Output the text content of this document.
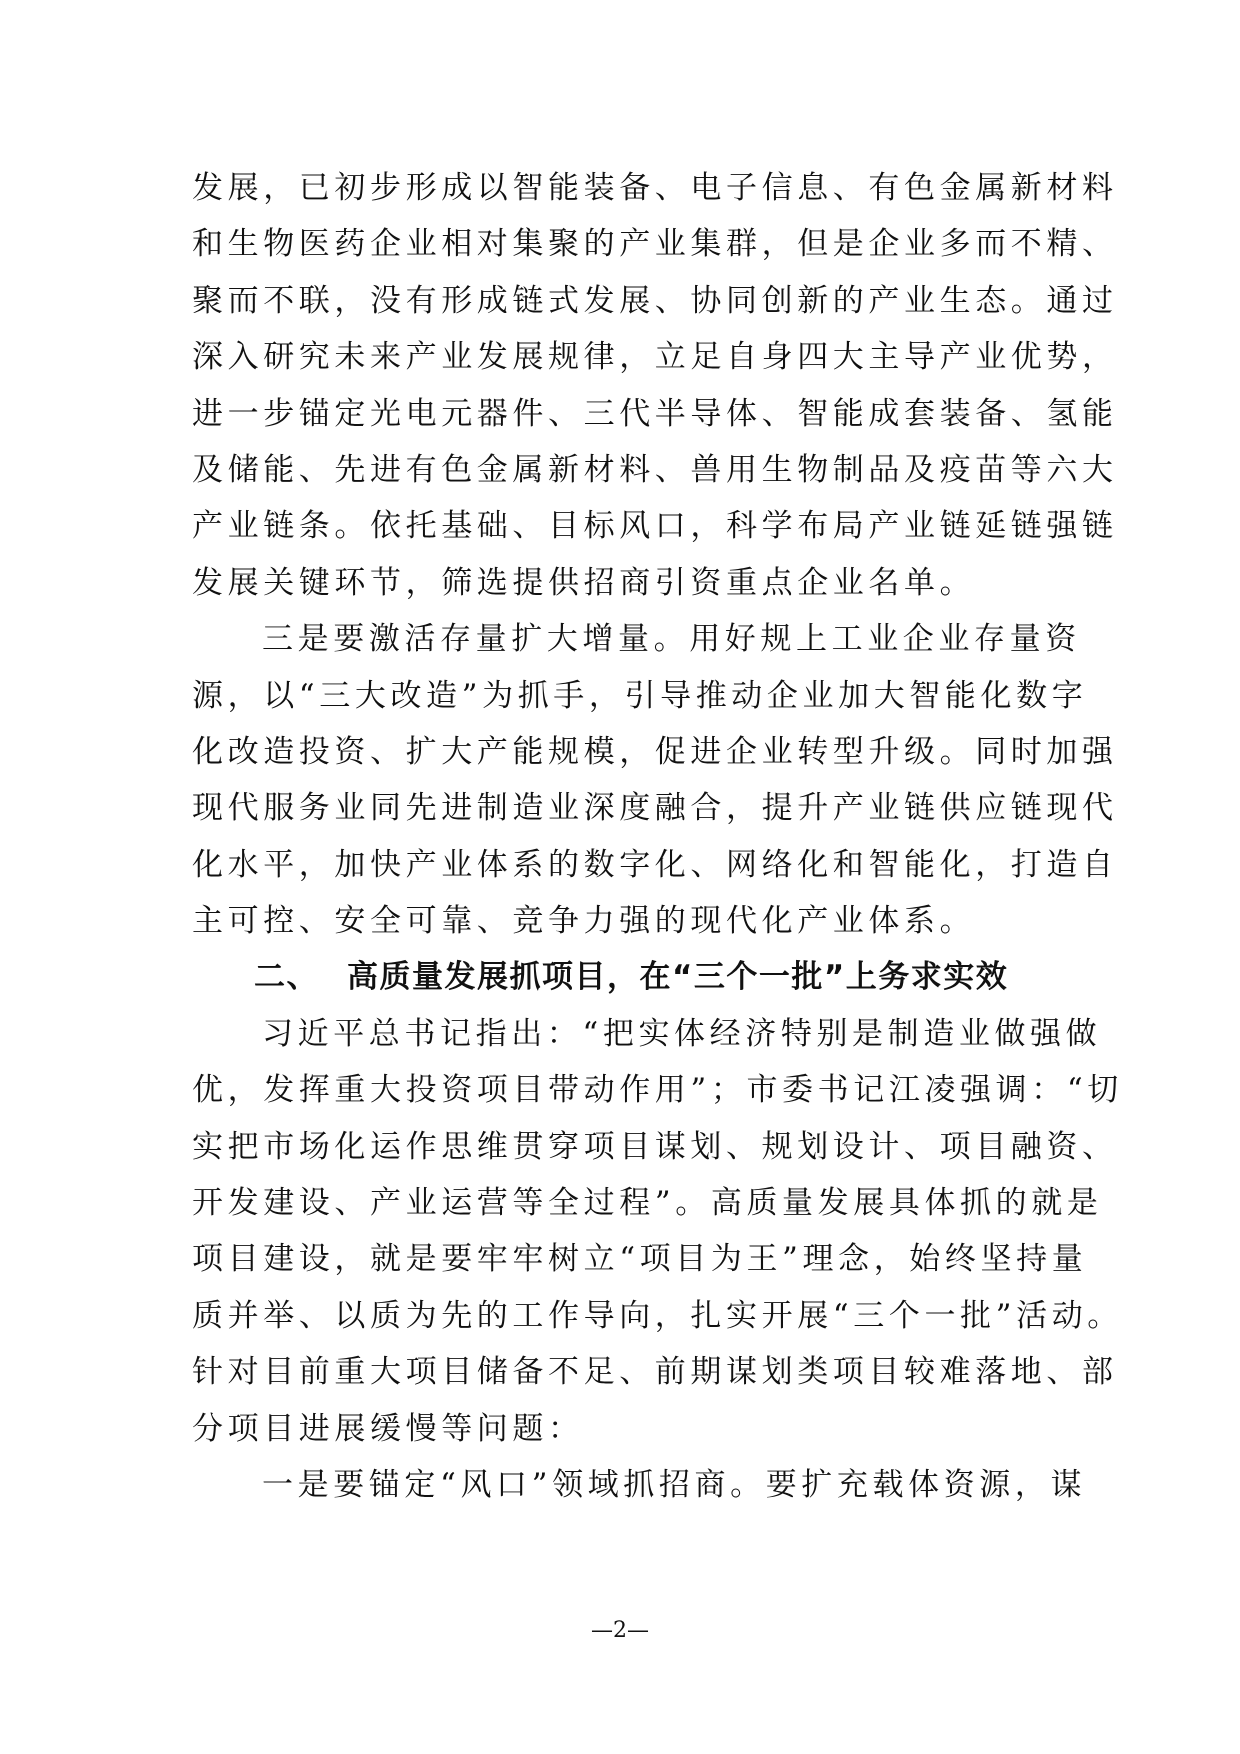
发展，已初步形成以智能装备、电子信息、有色金属新材料
和生物医药企业相对集聚的产业集群，但是企业多而不精、
聚而不联，没有形成链式发展、协同创新的产业生态。通过
深入研究未来产业发展规律，立足自身四大主导产业优势，
进一步锚定光电元器件、三代半导体、智能成套装备、氢能
及储能、先进有色金属新材料、兽用生物制品及疫苗等六大
产业链条。依托基础、目标风口，科学布局产业链延链强链
发展关键环节，筛选提供招商引资重点企业名单。
三是要激活存量扩大增量。用好规上工业企业存量资
源，以“三大改造”为抓手，引导推动企业加大智能化数字
化改造投资、扩大产能规模，促进企业转型升级。同时加强
现代服务业同先进制造业深度融合，提升产业链供应链现代
化水平，加快产业体系的数字化、网络化和智能化，打造自
主可控、安全可靠、竞争力强的现代化产业体系。
二、 高质量发展抓项目，在“三个一批”上务求实效
习近平总书记指出：“把实体经济特别是制造业做强做
优，发挥重大投资项目带动作用”；市委书记江凌强调：“切
实把市场化运作思维贯穿项目谋划、规划设计、项目融资、
开发建设、产业运营等全过程”。高质量发展具体抓的就是
项目建设，就是要牢牢树立“项目为王”理念，始终坚持量
质并举、以质为先的工作导向，扎实开展“三个一批”活动。
针对目前重大项目储备不足、前期谋划类项目较难落地、部
分项目进展缓慢等问题：
一是要锚定“风口”领域抓招商。要扩充载体资源，谋
—2—
